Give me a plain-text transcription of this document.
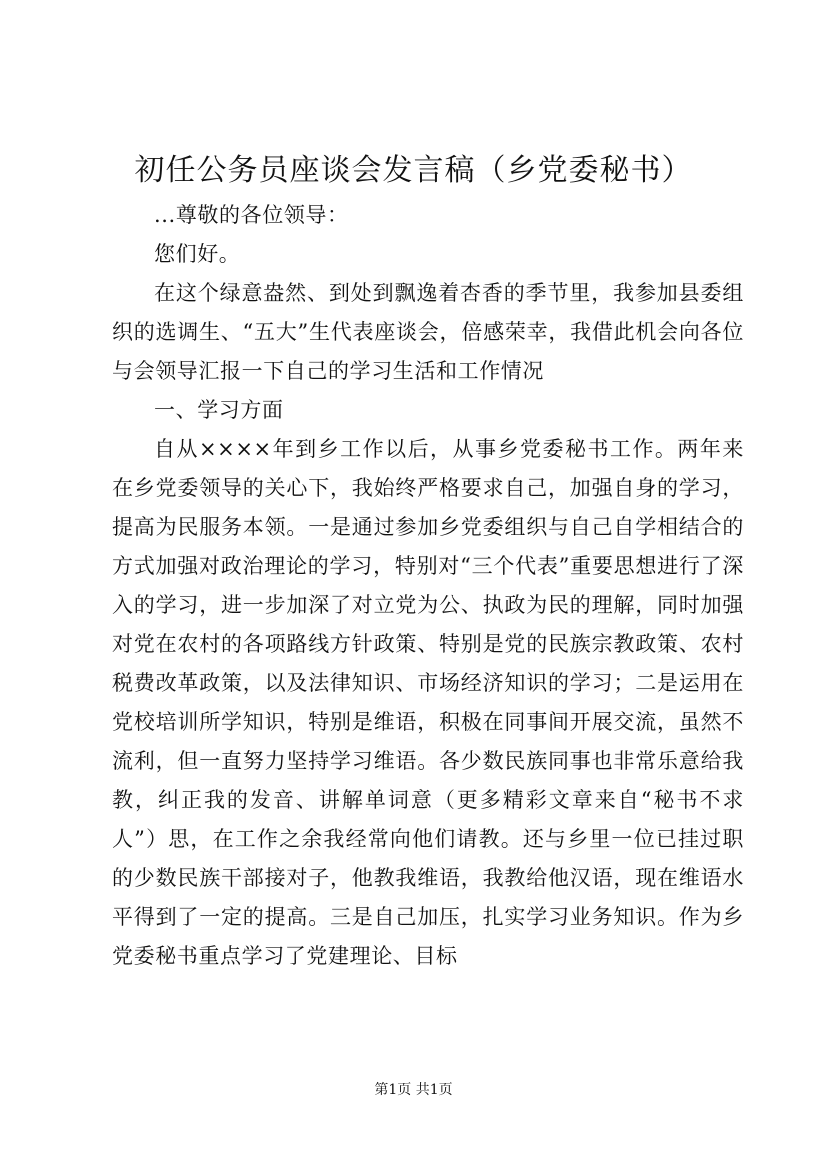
初任公务员座谈会发言稿（乡党委秘书）

...尊敬的各位领导：

您们好。

在这个绿意盎然、到处到飘逸着杏香的季节里，我参加县委组织的选调生、“五大”生代表座谈会，倍感荣幸，我借此机会向各位与会领导汇报一下自己的学习生活和工作情况

一、学习方面

自从××××年到乡工作以后，从事乡党委秘书工作。两年来在乡党委领导的关心下，我始终严格要求自己，加强自身的学习，提高为民服务本领。一是通过参加乡党委组织与自己自学相结合的方式加强对政治理论的学习，特别对“三个代表”重要思想进行了深入的学习，进一步加深了对立党为公、执政为民的理解，同时加强对党在农村的各项路线方针政策、特别是党的民族宗教政策、农村税费改革政策，以及法律知识、市场经济知识的学习；二是运用在党校培训所学知识，特别是维语，积极在同事间开展交流，虽然不流利，但一直努力坚持学习维语。各少数民族同事也非常乐意给我教，纠正我的发音、讲解单词意（更多精彩文章来自“秘书不求人”）思，在工作之余我经常向他们请教。还与乡里一位已挂过职的少数民族干部接对子，他教我维语，我教给他汉语，现在维语水平得到了一定的提高。三是自己加压，扎实学习业务知识。作为乡党委秘书重点学习了党建理论、目标

第1页 共1页
